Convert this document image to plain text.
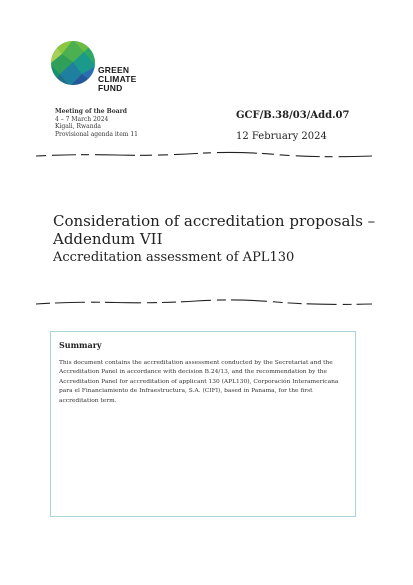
GREEN
CLIMATE
FUND
Meeting of the Board
4 – 7 March 2024
Kigali, Rwanda
Provisional agenda item 11
GCF/B.38/03/Add.07
12 February 2024
Consideration of accreditation proposals – Addendum VII
Accreditation assessment of APL130
Summary
This document contains the accreditation assessment conducted by the Secretariat and the Accreditation Panel in accordance with decision B.24/13, and the recommendation by the Accreditation Panel for accreditation of applicant 130 (APL130), Corporación Interamericana para el Financiamiento de Infraestructura, S.A. (CIFI), based in Panama, for the first accreditation term.
